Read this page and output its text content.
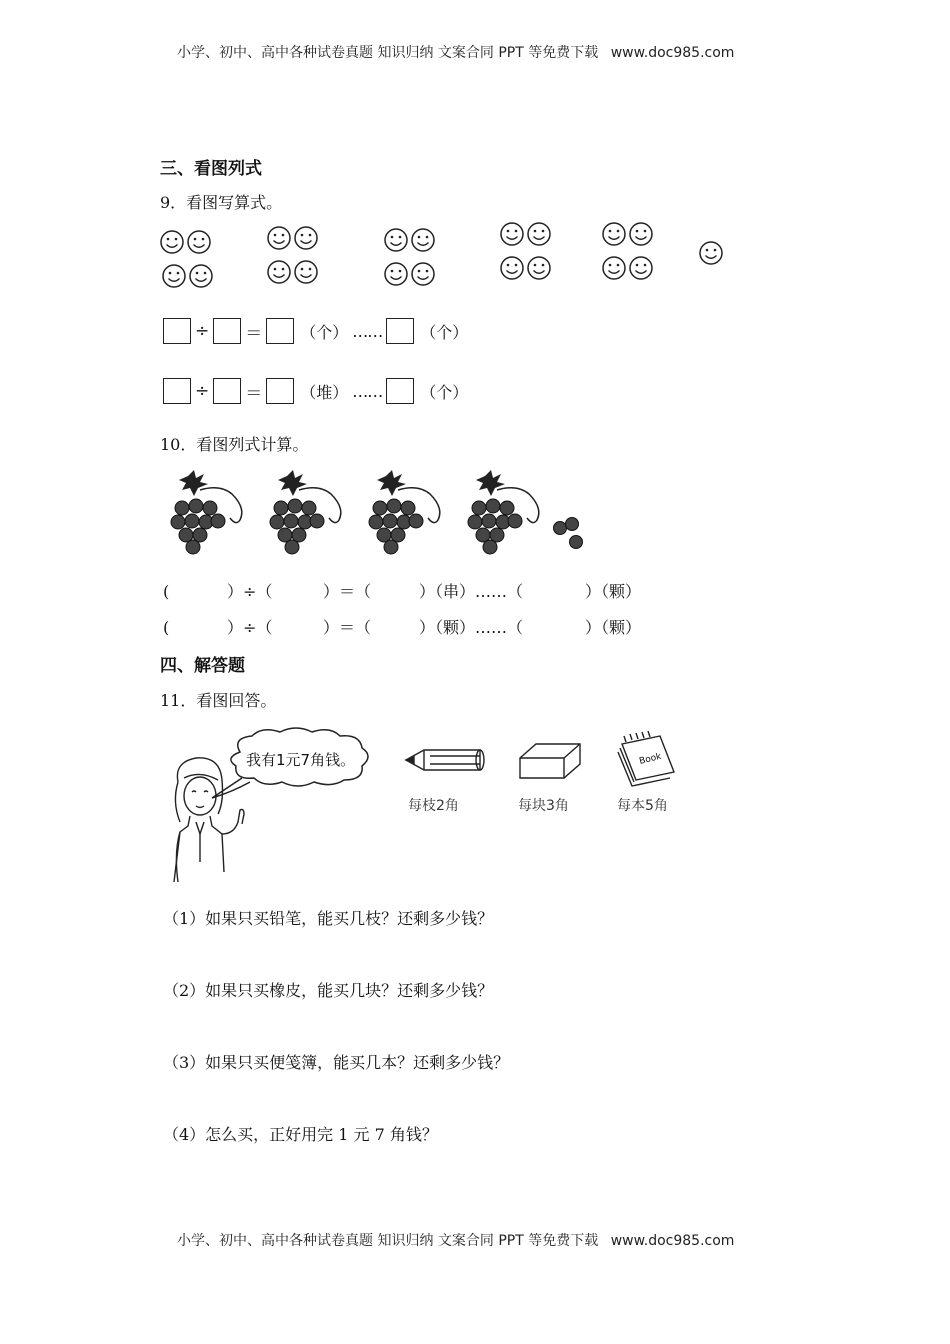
小学、初中、高中各种试卷真题 知识归纳 文案合同 PPT 等免费下载 www.doc985.com
三、看图列式
9．看图写算式。
÷ ＝ （个） …… （个）
÷ ＝ （堆） …… （个）
10．看图列式计算。
(	）÷（	）＝（	）（串）……（	）（颗）
(	）÷（	）＝（	）（颗）……（	）（颗）
四、解答题
11．看图回答。
我有1元7角钱。
每枝2角	每块3角
Book
每本5角
（1）如果只买铅笔，能买几枝？还剩多少钱？
（2）如果只买橡皮，能买几块？还剩多少钱？
（3）如果只买便笺簿，能买几本？还剩多少钱？
（4）怎么买，正好用完 1 元 7 角钱？
小学、初中、高中各种试卷真题 知识归纳 文案合同 PPT 等免费下载 www.doc985.com
